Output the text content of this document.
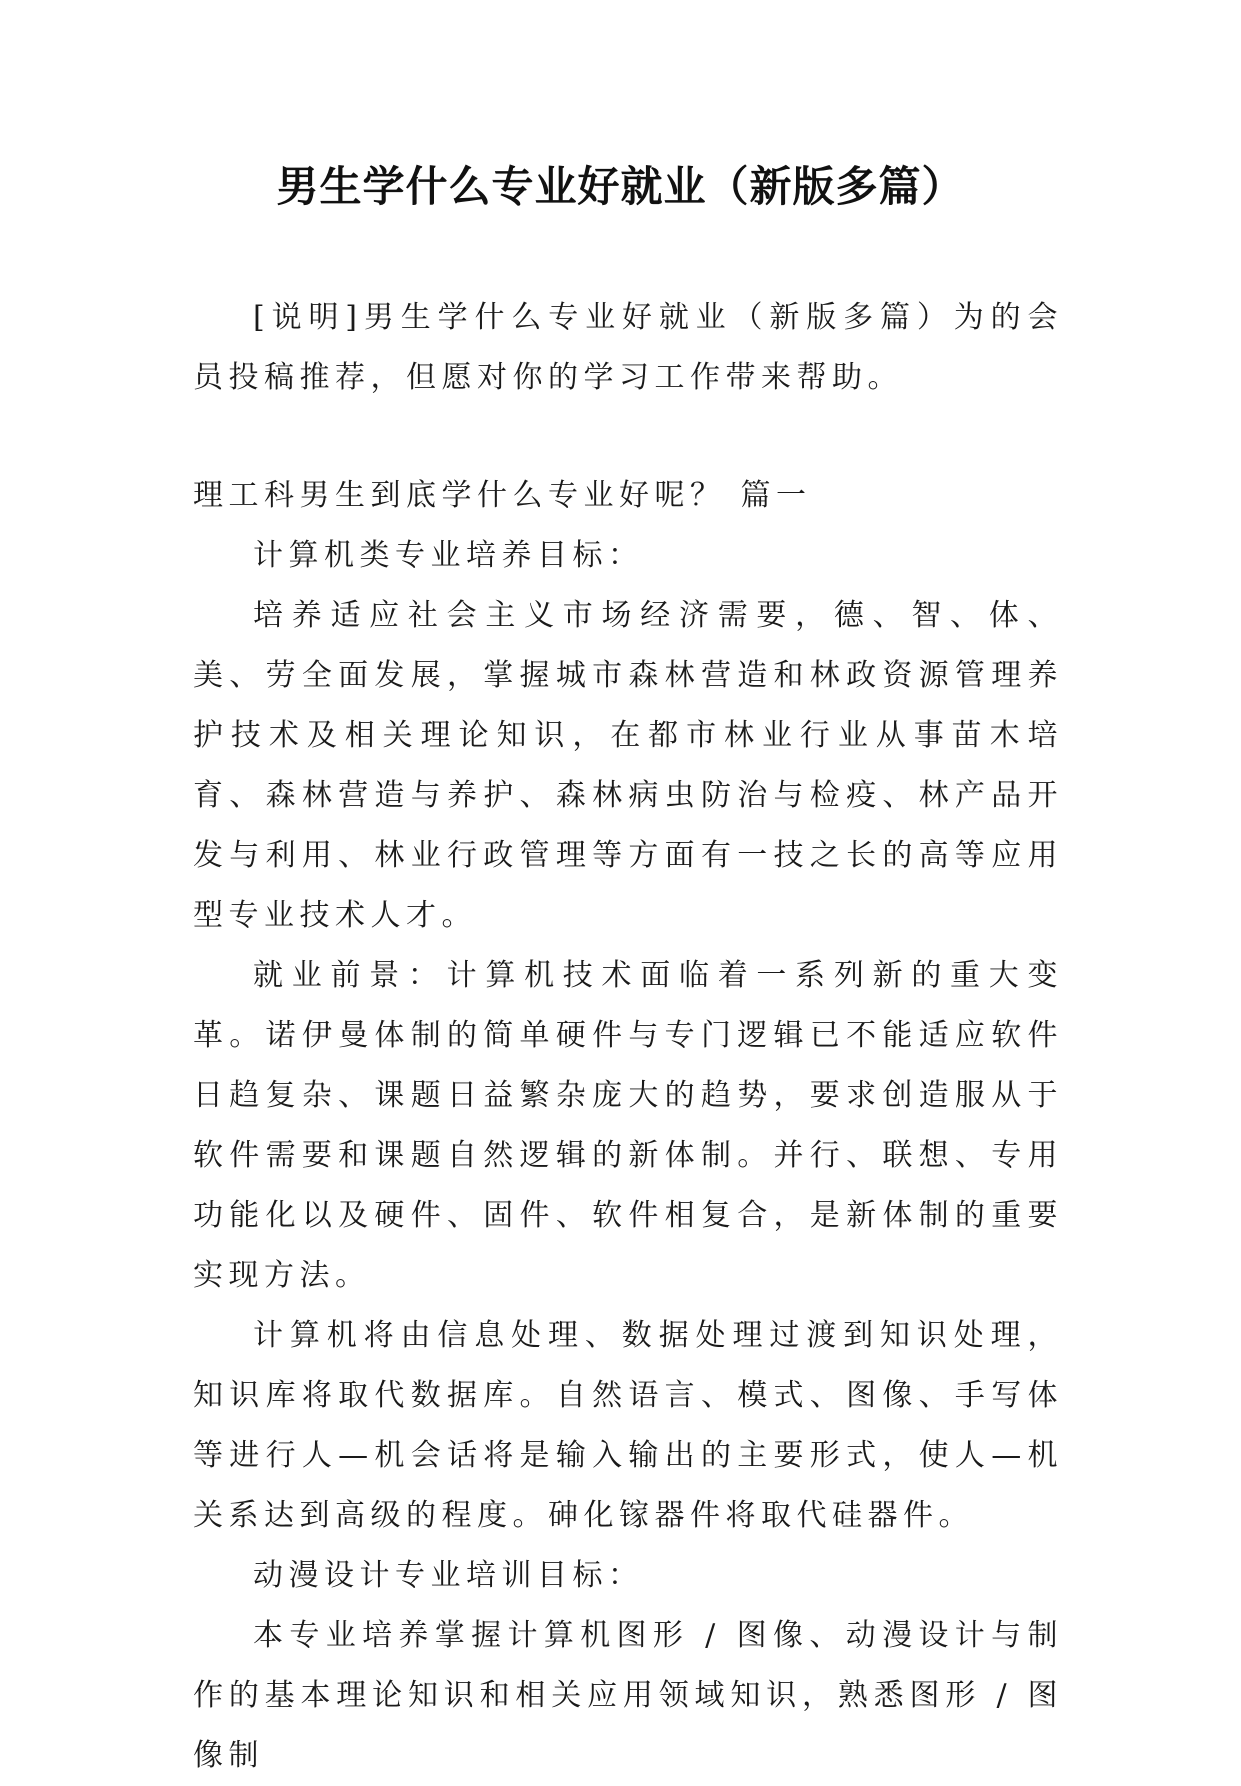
男生学什么专业好就业（新版多篇）

[说明]男生学什么专业好就业（新版多篇）为的会员投稿推荐，但愿对你的学习工作带来帮助。

理工科男生到底学什么专业好呢？ 篇一

计算机类专业培养目标：

培养适应社会主义市场经济需要，德、智、体、美、劳全面发展，掌握城市森林营造和林政资源管理养护技术及相关理论知识，在都市林业行业从事苗木培育、森林营造与养护、森林病虫防治与检疫、林产品开发与利用、林业行政管理等方面有一技之长的高等应用型专业技术人才。

就业前景：计算机技术面临着一系列新的重大变革。诺伊曼体制的简单硬件与专门逻辑已不能适应软件日趋复杂、课题日益繁杂庞大的趋势，要求创造服从于软件需要和课题自然逻辑的新体制。并行、联想、专用功能化以及硬件、固件、软件相复合，是新体制的重要实现方法。

计算机将由信息处理、数据处理过渡到知识处理，知识库将取代数据库。自然语言、模式、图像、手写体等进行人—机会话将是输入输出的主要形式，使人—机关系达到高级的程度。砷化镓器件将取代硅器件。

动漫设计专业培训目标：

本专业培养掌握计算机图形 / 图像、动漫设计与制作的基本理论知识和相关应用领域知识，熟悉图形 / 图像制
